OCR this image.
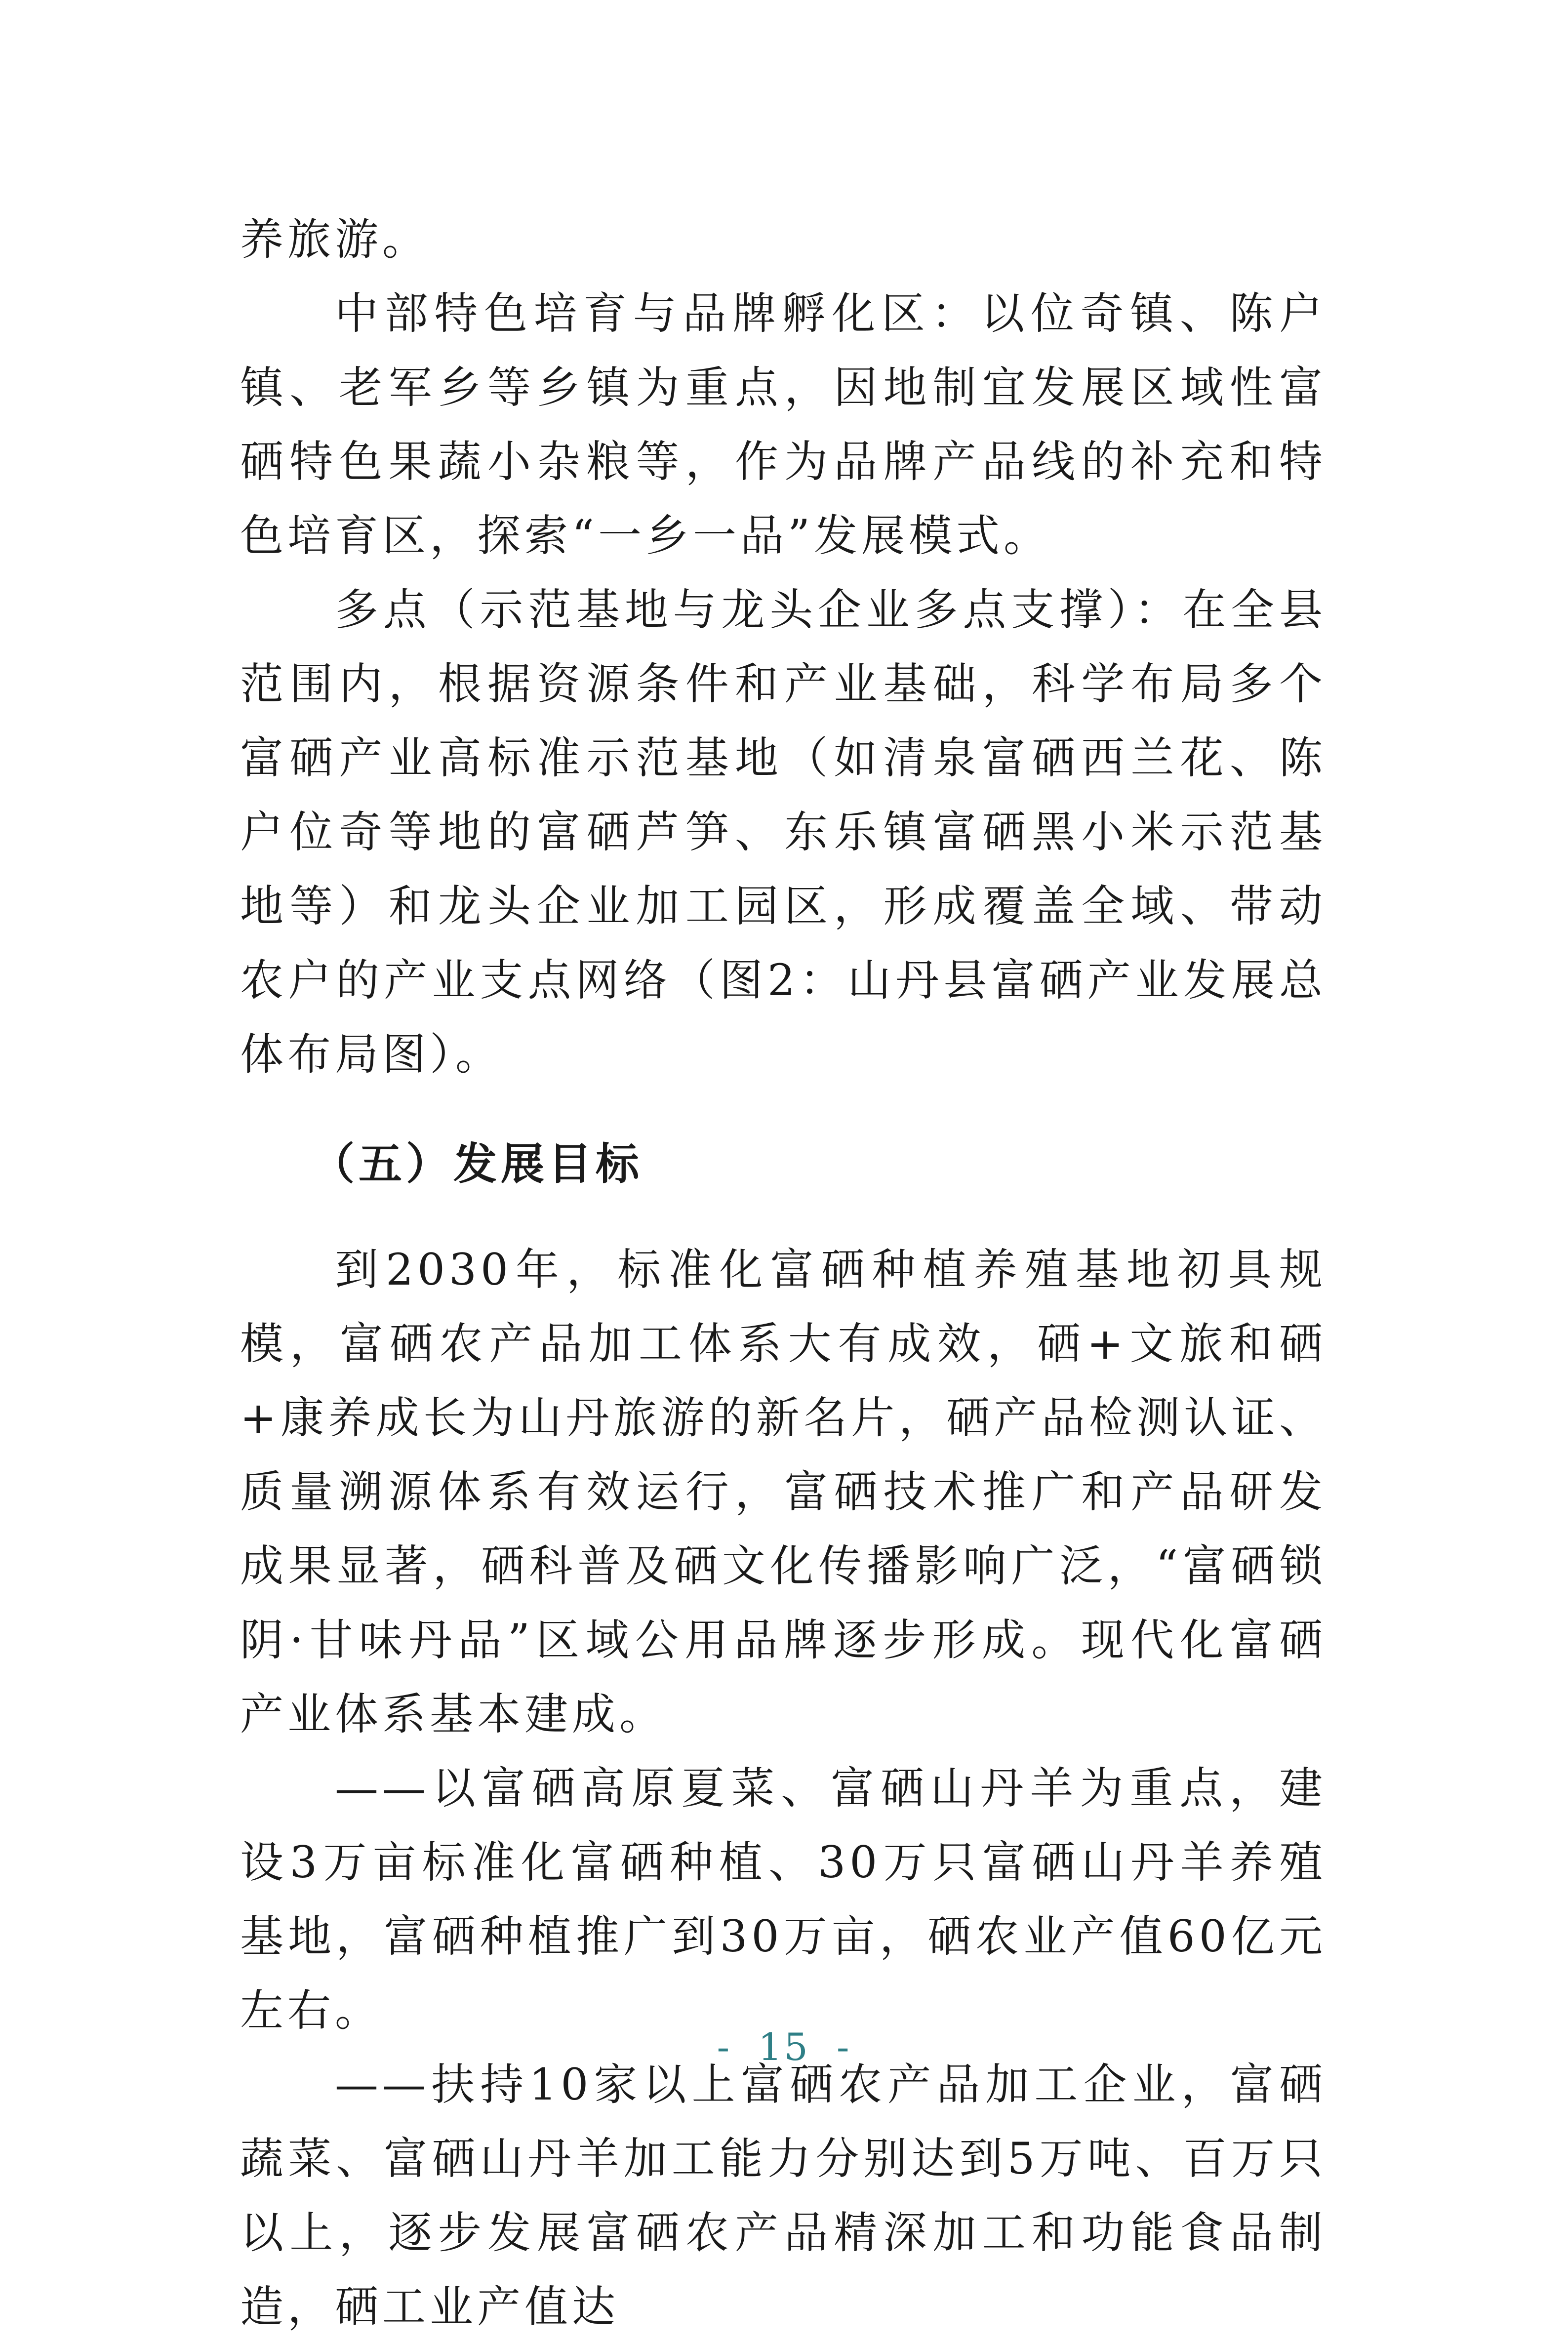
养旅游。

中部特色培育与品牌孵化区：以位奇镇、陈户镇、老军乡等乡镇为重点，因地制宜发展区域性富硒特色果蔬小杂粮等，作为品牌产品线的补充和特色培育区，探索“一乡一品”发展模式。

多点（示范基地与龙头企业多点支撑）：在全县范围内，根据资源条件和产业基础，科学布局多个富硒产业高标准示范基地（如清泉富硒西兰花、陈户位奇等地的富硒芦笋、东乐镇富硒黑小米示范基地等）和龙头企业加工园区，形成覆盖全域、带动农户的产业支点网络（图2：山丹县富硒产业发展总体布局图）。

（五）发展目标

到2030年，标准化富硒种植养殖基地初具规模，富硒农产品加工体系大有成效，硒+文旅和硒+康养成长为山丹旅游的新名片，硒产品检测认证、质量溯源体系有效运行，富硒技术推广和产品研发成果显著，硒科普及硒文化传播影响广泛，“富硒锁阴·甘味丹品”区域公用品牌逐步形成。现代化富硒产业体系基本建成。

——以富硒高原夏菜、富硒山丹羊为重点，建设3万亩标准化富硒种植、30万只富硒山丹羊养殖基地，富硒种植推广到30万亩，硒农业产值60亿元左右。

——扶持10家以上富硒农产品加工企业，富硒蔬菜、富硒山丹羊加工能力分别达到5万吨、百万只以上，逐步发展富硒农产品精深加工和功能食品制造，硒工业产值达

- 15 -
